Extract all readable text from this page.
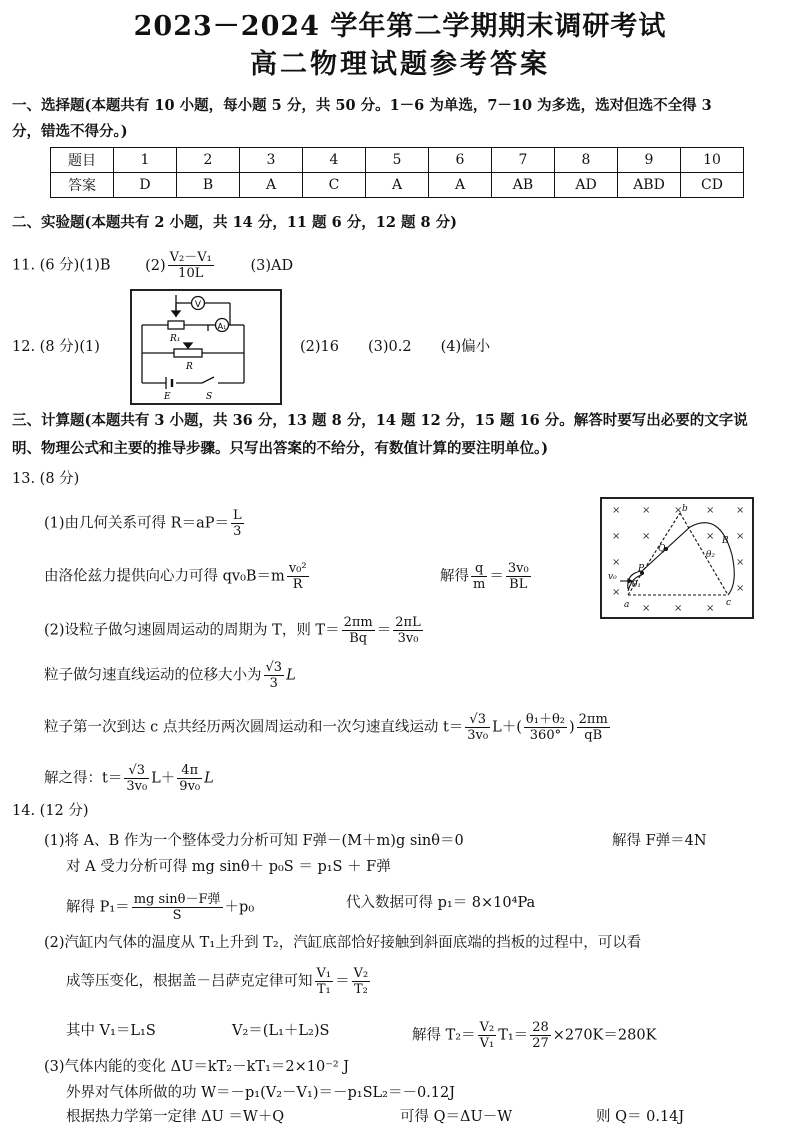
2023－2024 学年第二学期期末调研考试
高二物理试题参考答案
一、选择题(本题共有 10 小题，每小题 5 分，共 50 分。1－6 为单选，7－10 为多选，选对但选不全得 3
分，错选不得分。)
题目	1	2	3	4	5	6	7	8	9	10
答案	D	B	A	C	A	A	AB	AD	ABD	CD
二、实验题(本题共有 2 小题，共 14 分，11 题 6 分，12 题 8 分)
11. (6 分)(1)B $(2) \frac{\text{V₂－V₁}}{10L}$	(3)AD
12. (8 分)(1)
V
A₁
R₁
R
E	S
(2)16　　(3)0.2　　(4)偏小
三、计算题(本题共有 3 小题，共 36 分，13 题 8 分，14 题 12 分，15 题 16 分。解答时要写出必要的文字说
明、物理公式和主要的推导步骤。只写出答案的不给分，有数值计算的要注明单位。)
13. (8 分)
(1)由几何关系可得 $R=aP= \frac{L}{3}$
由洛伦兹力提供向心力可得 $qv_0B=m \frac{\text{v₀²}}{R}$	解得 $\frac{q}{m} = \frac{\text{3v₀}}{BL}$
(2)设粒子做匀速圆周运动的周期为 T，则 $T= \frac{2\pi m}{Bq} = \frac{2\pi L}{\text{3v₀}}$
粒子做匀速直线运动的位移大小为 $\frac{√3}{3}$ L
粒子第一次到达 c 点共经历两次圆周运动和一次匀速直线运动 $t= \frac{√3}{\text{3v₀}} L+( \frac{\text{θ₁＋θ₂}}{360^\circ}$ ) $\frac{2\pi m}{qB}$
解之得：$t= \frac{√3}{\text{3v₀}} L+ \frac{4\pi}{\text{9v₀}}$ L
× × × × ×
× ×	× ×
×	×
×	×
× × ×
b
Q
θ₂
B
v₀
P
θ₁
a	c
14. (12 分)
(1)将 A、B 作为一个整体受力分析可知 F弹－(M＋m)g sinθ＝0	解得 F弹＝4N
对 A 受力分析可得 mg sinθ＋ p₀S ＝ p₁S ＋ F弹
解得 $P_1= \frac{\text{mg sinθ－F弹}}{S} +p_0$	代入数据可得 p₁＝ 8×10⁴Pa
(2)汽缸内气体的温度从 T₁上升到 T₂，汽缸底部恰好接触到斜面底端的挡板的过程中，可以看
成等压变化，根据盖－吕萨克定律可知 $\frac{\text{V₁}}{\text{T₁}} = \frac{\text{V₂}}{\text{T₂}}$
其中 V₁＝L₁S	V₂＝(L₁＋L₂)S	解得 $T_2= \frac{\text{V₂}}{\text{V₁}} T_1= \frac{28}{27} \times 270K=280K$
(3)气体内能的变化 ΔU＝kT₂－kT₁＝2×10⁻² J
外界对气体所做的功 W＝－p₁(V₂－V₁)＝－p₁SL₂＝－0.12J
根据热力学第一定律 ΔU ＝W＋Q	可得 Q＝ΔU－W	则 Q＝ 0.14J
